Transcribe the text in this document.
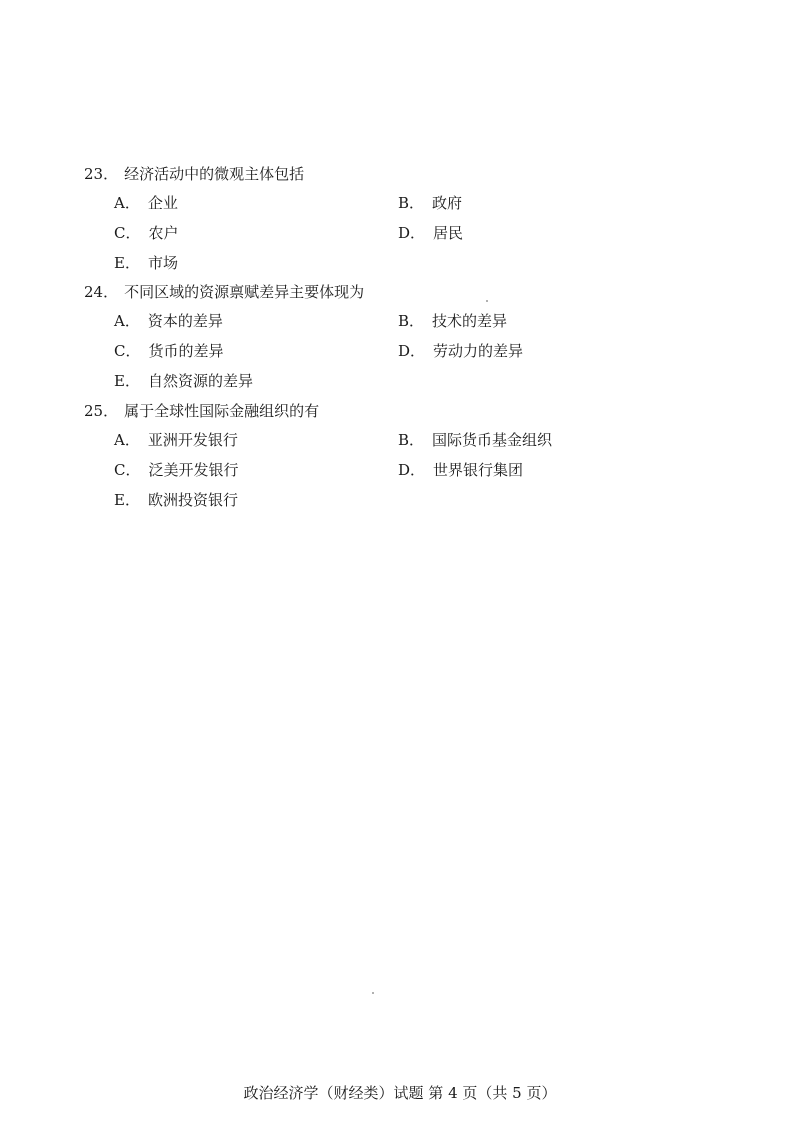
23． 经济活动中的微观主体包括
A． 企业	B． 政府
C． 农户	D． 居民
E． 市场
24． 不同区域的资源禀赋差异主要体现为
A． 资本的差异	B． 技术的差异
C． 货币的差异	D． 劳动力的差异
E． 自然资源的差异
25． 属于全球性国际金融组织的有
A． 亚洲开发银行	B． 国际货币基金组织
C． 泛美开发银行	D． 世界银行集团
E． 欧洲投资银行
政治经济学（财经类）试题 第 4 页（共 5 页）
